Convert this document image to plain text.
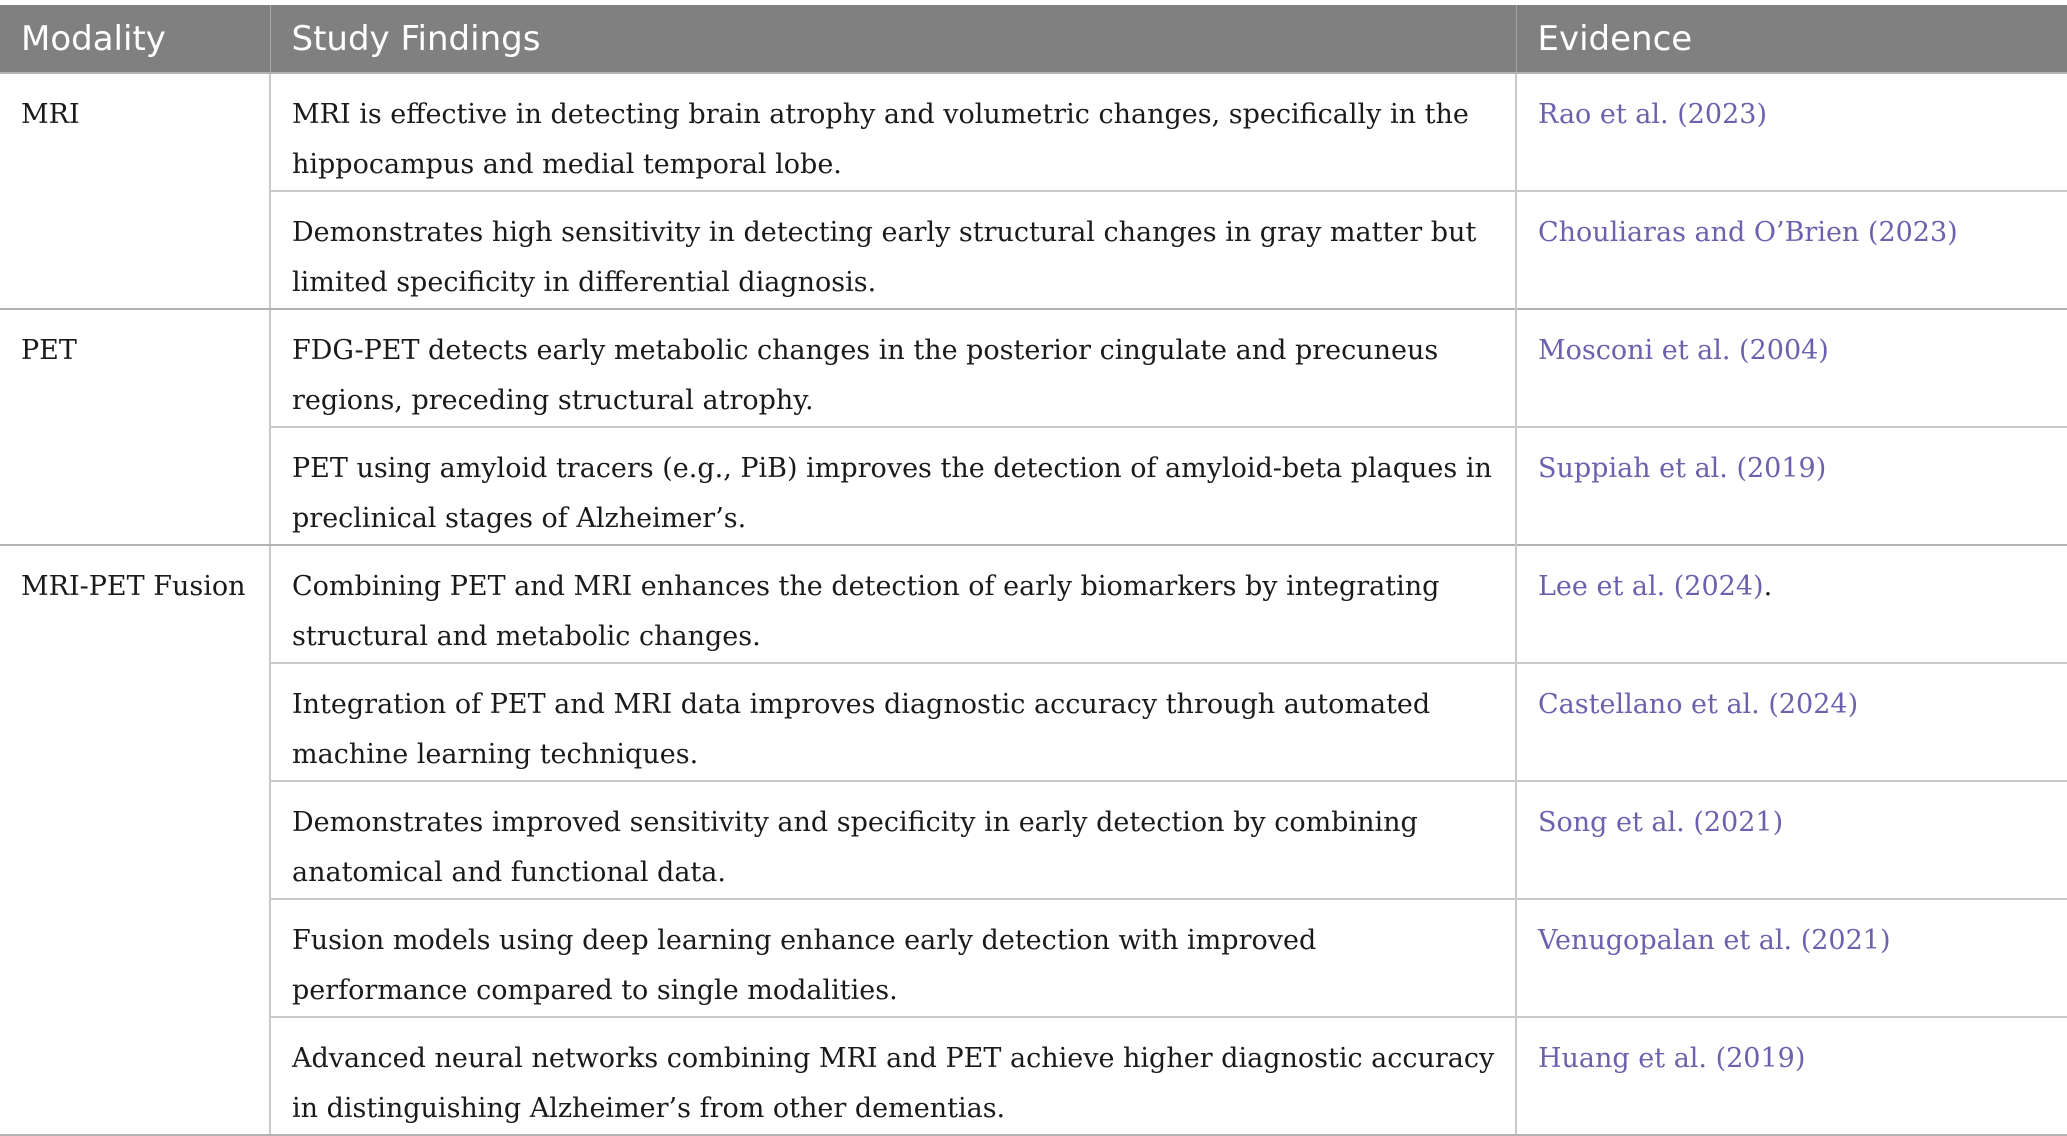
Modality	Study Findings	Evidence
MRI	MRI is effective in detecting brain atrophy and volumetric changes, specifically in the hippocampus and medial temporal lobe.	Rao et al. (2023)
	Demonstrates high sensitivity in detecting early structural changes in gray matter but limited specificity in differential diagnosis.	Chouliaras and O’Brien (2023)
PET	FDG-PET detects early metabolic changes in the posterior cingulate and precuneus regions, preceding structural atrophy.	Mosconi et al. (2004)
	PET using amyloid tracers (e.g., PiB) improves the detection of amyloid-beta plaques in preclinical stages of Alzheimer’s.	Suppiah et al. (2019)
MRI-PET Fusion	Combining PET and MRI enhances the detection of early biomarkers by integrating structural and metabolic changes.	Lee et al. (2024).
	Integration of PET and MRI data improves diagnostic accuracy through automated machine learning techniques.	Castellano et al. (2024)
	Demonstrates improved sensitivity and specificity in early detection by combining anatomical and functional data.	Song et al. (2021)
	Fusion models using deep learning enhance early detection with improved performance compared to single modalities.	Venugopalan et al. (2021)
	Advanced neural networks combining MRI and PET achieve higher diagnostic accuracy in distinguishing Alzheimer’s from other dementias.	Huang et al. (2019)
